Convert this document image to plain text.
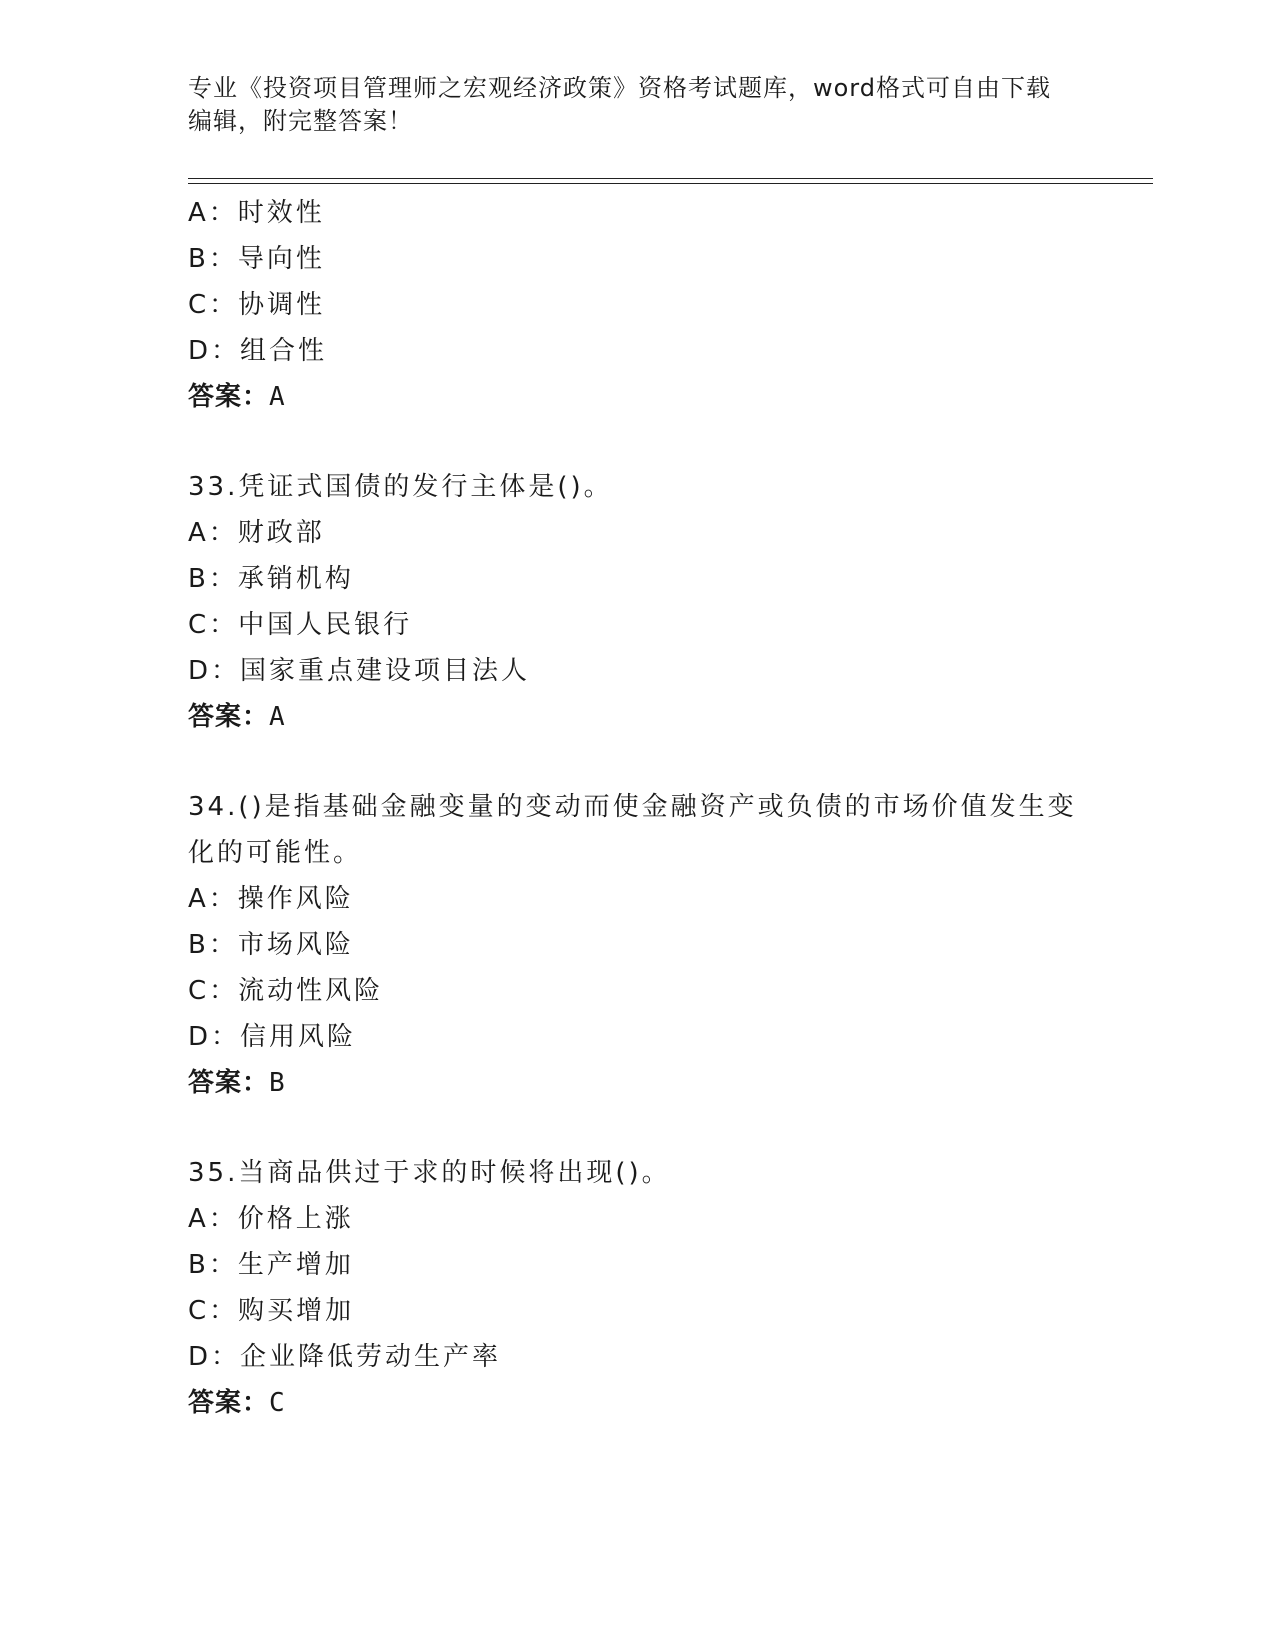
专业《投资项目管理师之宏观经济政策》资格考试题库，word格式可自由下载编辑，附完整答案！
A：时效性
B：导向性
C：协调性
D：组合性
答案：A
33.凭证式国债的发行主体是()。
A：财政部
B：承销机构
C：中国人民银行
D：国家重点建设项目法人
答案：A
34.()是指基础金融变量的变动而使金融资产或负债的市场价值发生变化的可能性。
A：操作风险
B：市场风险
C：流动性风险
D：信用风险
答案：B
35.当商品供过于求的时候将出现()。
A：价格上涨
B：生产增加
C：购买增加
D：企业降低劳动生产率
答案：C
